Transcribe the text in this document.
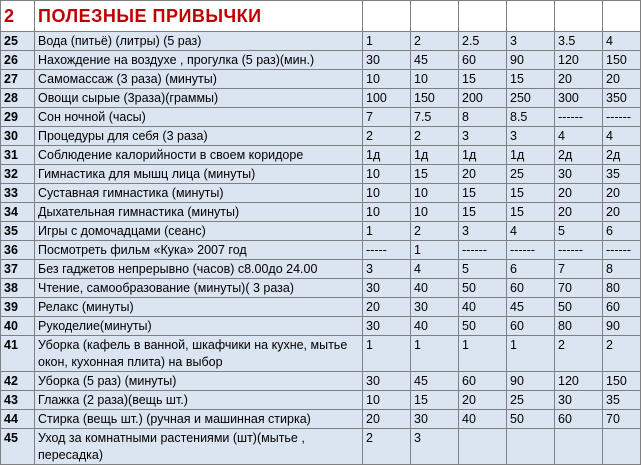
2	ПОЛЕЗНЫЕ ПРИВЫЧКИ						
25	Вода (питьё) (литры) (5 раз)	1	2	2.5	3	3.5	4
26	Нахождение на воздухе , прогулка (5 раз)(мин.)	30	45	60	90	120	150
27	Самомассаж (3 раза) (минуты)	10	10	15	15	20	20
28	Овощи сырые (3раза)(граммы)	100	150	200	250	300	350
29	Сон ночной (часы)	7	7.5	8	8.5	------	------
30	Процедуры для себя (3 раза)	2	2	3	3	4	4
31	Соблюдение калорийности в своем коридоре	1д	1д	1д	1д	2д	2д
32	Гимнастика для мышц лица (минуты)	10	15	20	25	30	35
33	Суставная гимнастика (минуты)	10	10	15	15	20	20
34	Дыхательная гимнастика (минуты)	10	10	15	15	20	20
35	Игры с домочадцами (сеанс)	1	2	3	4	5	6
36	Посмотреть фильм «Кука» 2007 год	-----	1	------	------	------	------
37	Без гаджетов непрерывно (часов) с8.00до 24.00	3	4	5	6	7	8
38	Чтение, самообразование (минуты)( 3 раза)	30	40	50	60	70	80
39	Релакс (минуты)	20	30	40	45	50	60
40	Рукоделие(минуты)	30	40	50	60	80	90
41	Уборка (кафель в ванной, шкафчики на кухне, мытье окон, кухонная плита) на выбор	1	1	1	1	2	2
42	Уборка (5 раз) (минуты)	30	45	60	90	120	150
43	Глажка (2 раза)(вещь шт.)	10	15	20	25	30	35
44	Стирка (вещь шт.) (ручная и машинная стирка)	20	30	40	50	60	70
45	Уход за комнатными растениями (шт)(мытье , пересадка)	2	3				
